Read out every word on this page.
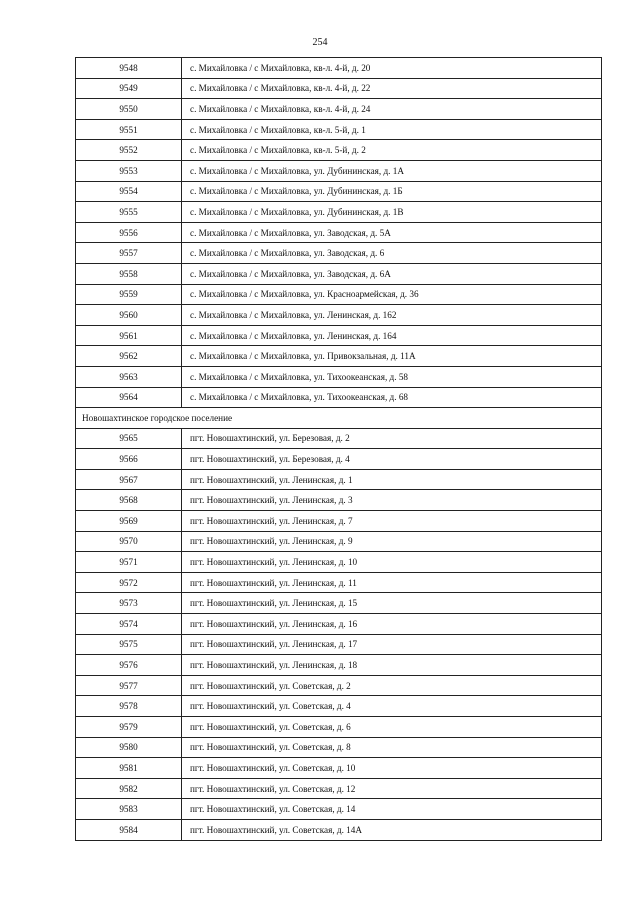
254
9548	с. Михайловка / с Михайловка, кв-л. 4-й, д. 20
9549	с. Михайловка / с Михайловка, кв-л. 4-й, д. 22
9550	с. Михайловка / с Михайловка, кв-л. 4-й, д. 24
9551	с. Михайловка / с Михайловка, кв-л. 5-й, д. 1
9552	с. Михайловка / с Михайловка, кв-л. 5-й, д. 2
9553	с. Михайловка / с Михайловка, ул. Дубининская, д. 1А
9554	с. Михайловка / с Михайловка, ул. Дубининская, д. 1Б
9555	с. Михайловка / с Михайловка, ул. Дубининская, д. 1В
9556	с. Михайловка / с Михайловка, ул. Заводская, д. 5А
9557	с. Михайловка / с Михайловка, ул. Заводская, д. 6
9558	с. Михайловка / с Михайловка, ул. Заводская, д. 6А
9559	с. Михайловка / с Михайловка, ул. Красноармейская, д. 36
9560	с. Михайловка / с Михайловка, ул. Ленинская, д. 162
9561	с. Михайловка / с Михайловка, ул. Ленинская, д. 164
9562	с. Михайловка / с Михайловка, ул. Привокзальная, д. 11А
9563	с. Михайловка / с Михайловка, ул. Тихоокеанская, д. 58
9564	с. Михайловка / с Михайловка, ул. Тихоокеанская, д. 68
Новошахтинское городское поселение	
9565	пгт. Новошахтинский, ул. Березовая, д. 2
9566	пгт. Новошахтинский, ул. Березовая, д. 4
9567	пгт. Новошахтинский, ул. Ленинская, д. 1
9568	пгт. Новошахтинский, ул. Ленинская, д. 3
9569	пгт. Новошахтинский, ул. Ленинская, д. 7
9570	пгт. Новошахтинский, ул. Ленинская, д. 9
9571	пгт. Новошахтинский, ул. Ленинская, д. 10
9572	пгт. Новошахтинский, ул. Ленинская, д. 11
9573	пгт. Новошахтинский, ул. Ленинская, д. 15
9574	пгт. Новошахтинский, ул. Ленинская, д. 16
9575	пгт. Новошахтинский, ул. Ленинская, д. 17
9576	пгт. Новошахтинский, ул. Ленинская, д. 18
9577	пгт. Новошахтинский, ул. Советская, д. 2
9578	пгт. Новошахтинский, ул. Советская, д. 4
9579	пгт. Новошахтинский, ул. Советская, д. 6
9580	пгт. Новошахтинский, ул. Советская, д. 8
9581	пгт. Новошахтинский, ул. Советская, д. 10
9582	пгт. Новошахтинский, ул. Советская, д. 12
9583	пгт. Новошахтинский, ул. Советская, д. 14
9584	пгт. Новошахтинский, ул. Советская, д. 14А
